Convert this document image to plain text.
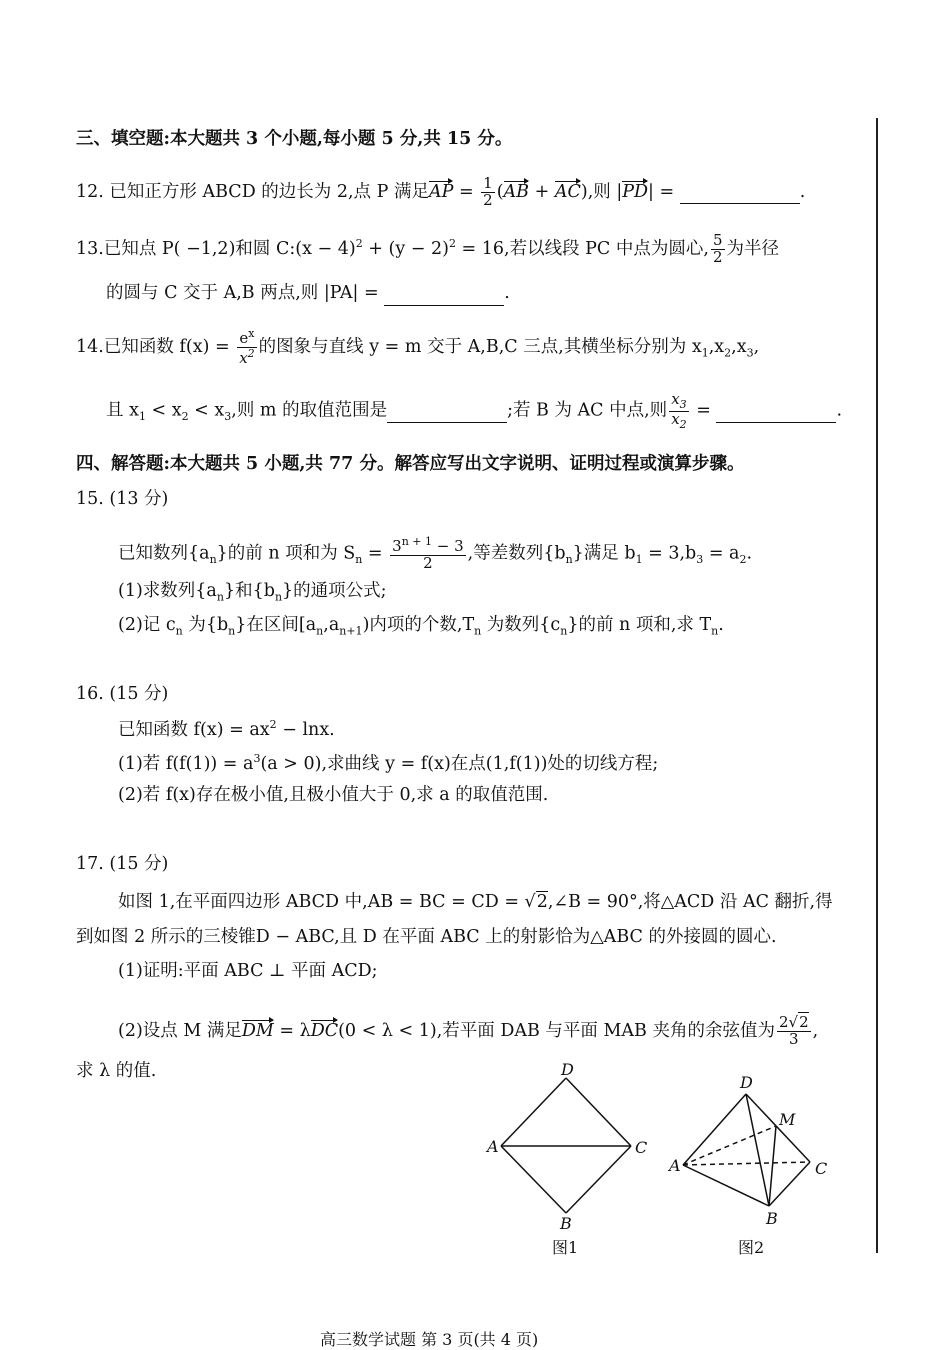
三、填空题:本大题共 3 个小题,每小题 5 分,共 15 分。
12. 已知正方形 ABCD 的边长为 2,点 P 满足AP = $\frac{1}{2} (AB + AC)$,则 |PD| =	.
13.已知点 P( −1,2)和圆 C:(x − $4)^2 + (y - 2)^2 = 16$,若以线段 PC 中点为圆心, $\frac{5}{2}$ 为半径
的圆与 C 交于 A,B 两点,则 |PA| =	.
14.已知函数 $f(x) = \frac{e^x}{x^2}$ 的图象与直线 y = m 交于 A,B,C 三点,其横坐标分别为 $x_1,x_2,x_3$,
且 $x_1 < x_2 < x_3$,则 m 的取值范围是	;若 B 为 AC 中点,则 $\frac{x_3}{x_2}$ =	.
四、解答题:本大题共 5 小题,共 77 分。解答应写出文字说明、证明过程或演算步骤。
15. (13 分)
已知数列$\{a_n\}$的前 n 项和为 $S_n = \frac{3^{n + 1} - 3}{2}$ ,等差数列$\{b_n\}$满足 $b_1 = 3,b_3 = a_2$.
(1)求数列$\{a_n\}$和$\{b_n\}$的通项公式;
(2)记 $c_n$ 为$\{b_n\}$在区间$[a_n,a_{n+1})$内项的个数$,T_n$ 为数列$\{c_n\}$的前 n 项和,求 $T_n$.
16. (15 分)
已知函数 $f(x) = ax^2 - \ln x$.
(1)若 $f(f(1)) = a^3(a > 0)$,求曲线 y = f(x)在点(1,f(1))处的切线方程;
(2)若 f(x)存在极小值,且极小值大于 0,求 a 的取值范围.
17. (15 分)
如图 1,在平面四边形 ABCD 中,AB = BC = CD = √2,∠B = 90°,将△ACD 沿 AC 翻折,得
到如图 2 所示的三棱锥D − ABC,且 D 在平面 ABC 上的射影恰为△ABC 的外接圆的圆心.
(1)证明:平面 ABC ⊥ 平面 ACD;
(2)设点 M 满足DM = λDC(0 < λ < 1),若平面 DAB 与平面 MAB 夹角的余弦值为 $\frac{2√2}{3}$ ,
求 λ 的值.	D
A	C
B
图1
D
M
A	C
B
图2
高三数学试题 第 3 页(共 4 页)
